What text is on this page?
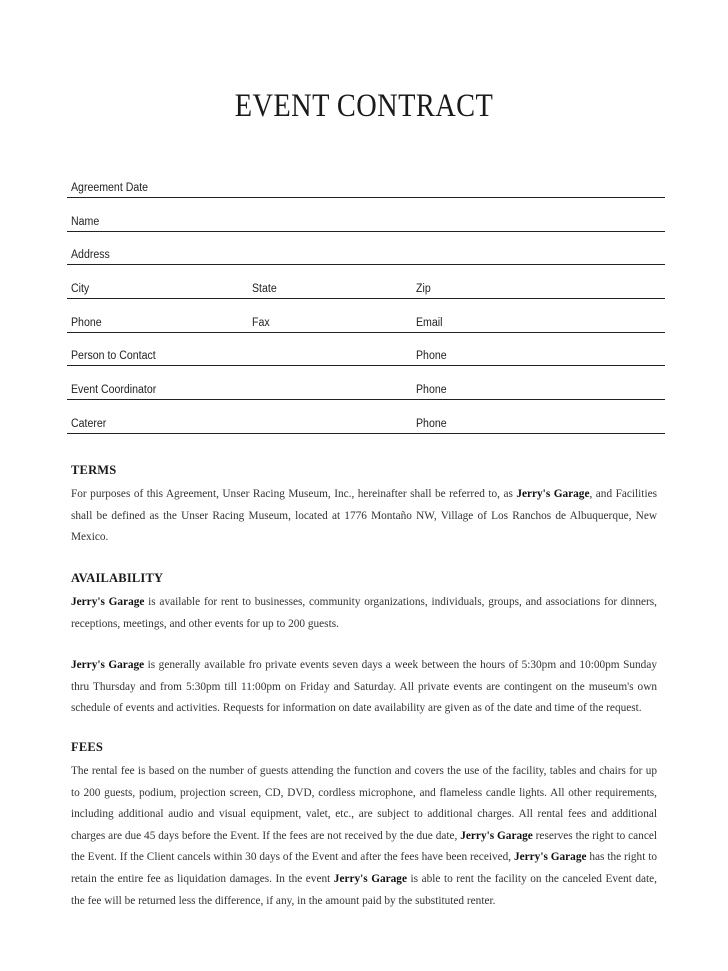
EVENT CONTRACT
Agreement Date
Name
Address
City	State	Zip
Phone	Fax	Email
Person to Contact	Phone
Event Coordinator	Phone
Caterer	Phone
TERMS

For purposes of this Agreement, Unser Racing Museum, Inc., hereinafter shall be referred to, as Jerry's Garage, and Facilities shall be defined as the Unser Racing Museum, located at 1776 Montaño NW, Village of Los Ranchos de Albuquerque, New Mexico.

AVAILABILITY

Jerry's Garage is available for rent to businesses, community organizations, individuals, groups, and associations for dinners, receptions, meetings, and other events for up to 200 guests.

Jerry's Garage is generally available fro private events seven days a week between the hours of 5:30pm and 10:00pm Sunday thru Thursday and from 5:30pm till 11:00pm on Friday and Saturday. All private events are contingent on the museum's own schedule of events and activities. Requests for information on date availability are given as of the date and time of the request.

FEES

The rental fee is based on the number of guests attending the function and covers the use of the facility, tables and chairs for up to 200 guests, podium, projection screen, CD, DVD, cordless microphone, and flameless candle lights. All other requirements, including additional audio and visual equipment, valet, etc., are subject to additional charges. All rental fees and additional charges are due 45 days before the Event. If the fees are not received by the due date, Jerry's Garage reserves the right to cancel the Event. If the Client cancels within 30 days of the Event and after the fees have been received, Jerry's Garage has the right to retain the entire fee as liquidation damages. In the event Jerry's Garage is able to rent the facility on the canceled Event date, the fee will be returned less the difference, if any, in the amount paid by the substituted renter.
